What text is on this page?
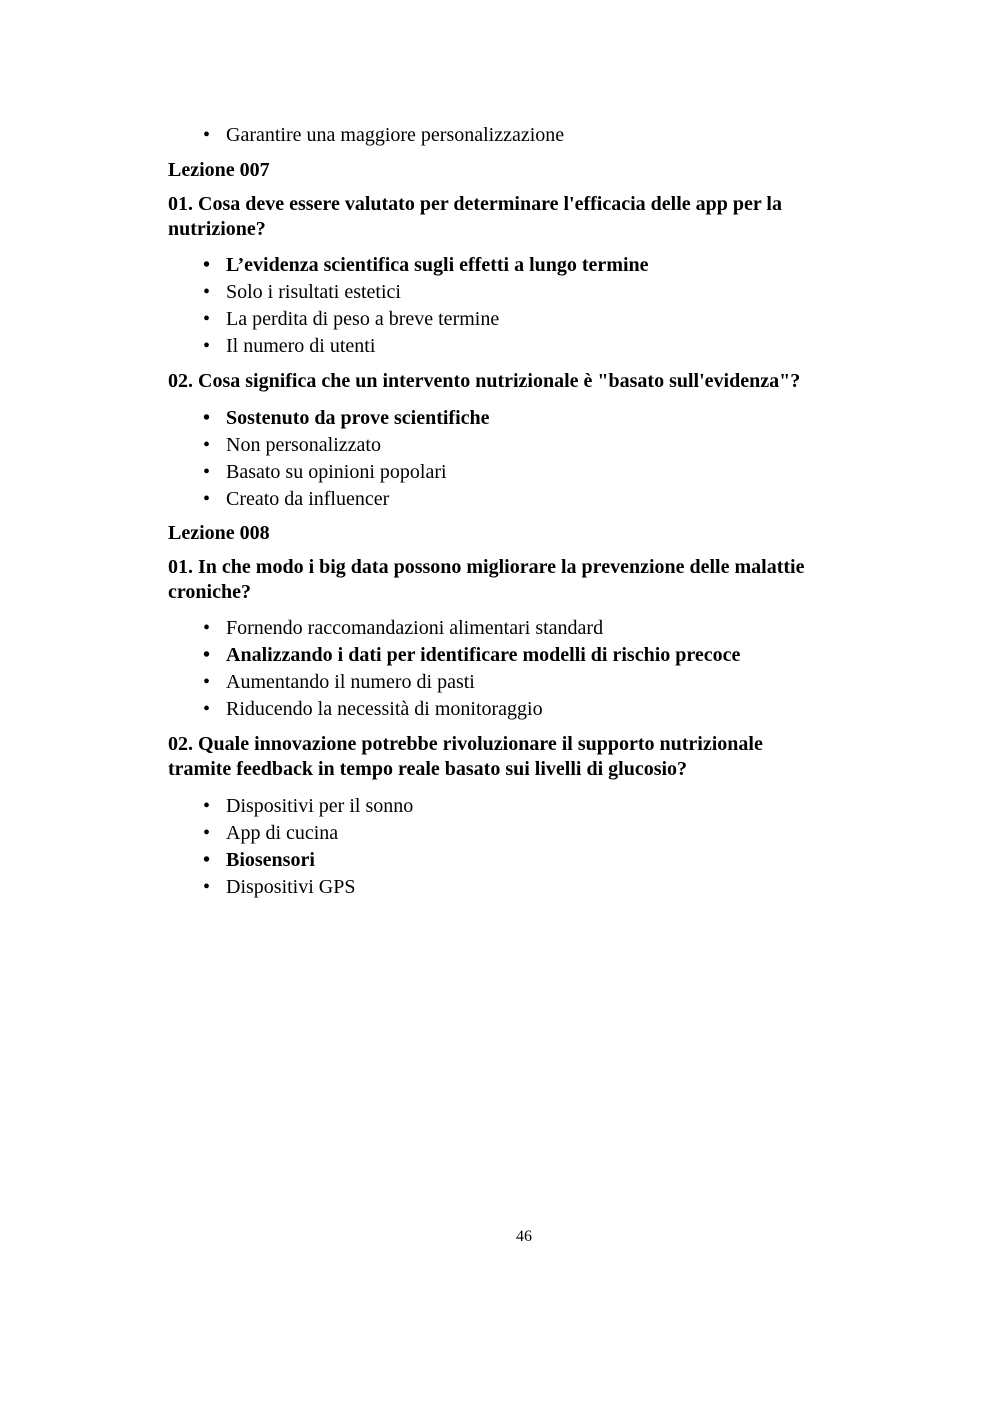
• Garantire una maggiore personalizzazione

Lezione 007

01. Cosa deve essere valutato per determinare l'efficacia delle app per la nutrizione?

• L’evidenza scientifica sugli effetti a lungo termine
• Solo i risultati estetici
• La perdita di peso a breve termine
• Il numero di utenti

02. Cosa significa che un intervento nutrizionale è "basato sull'evidenza"?

• Sostenuto da prove scientifiche
• Non personalizzato
• Basato su opinioni popolari
• Creato da influencer

Lezione 008

01. In che modo i big data possono migliorare la prevenzione delle malattie croniche?

• Fornendo raccomandazioni alimentari standard
• Analizzando i dati per identificare modelli di rischio precoce
• Aumentando il numero di pasti
• Riducendo la necessità di monitoraggio

02. Quale innovazione potrebbe rivoluzionare il supporto nutrizionale tramite feedback in tempo reale basato sui livelli di glucosio?

• Dispositivi per il sonno
• App di cucina
• Biosensori
• Dispositivi GPS
46
